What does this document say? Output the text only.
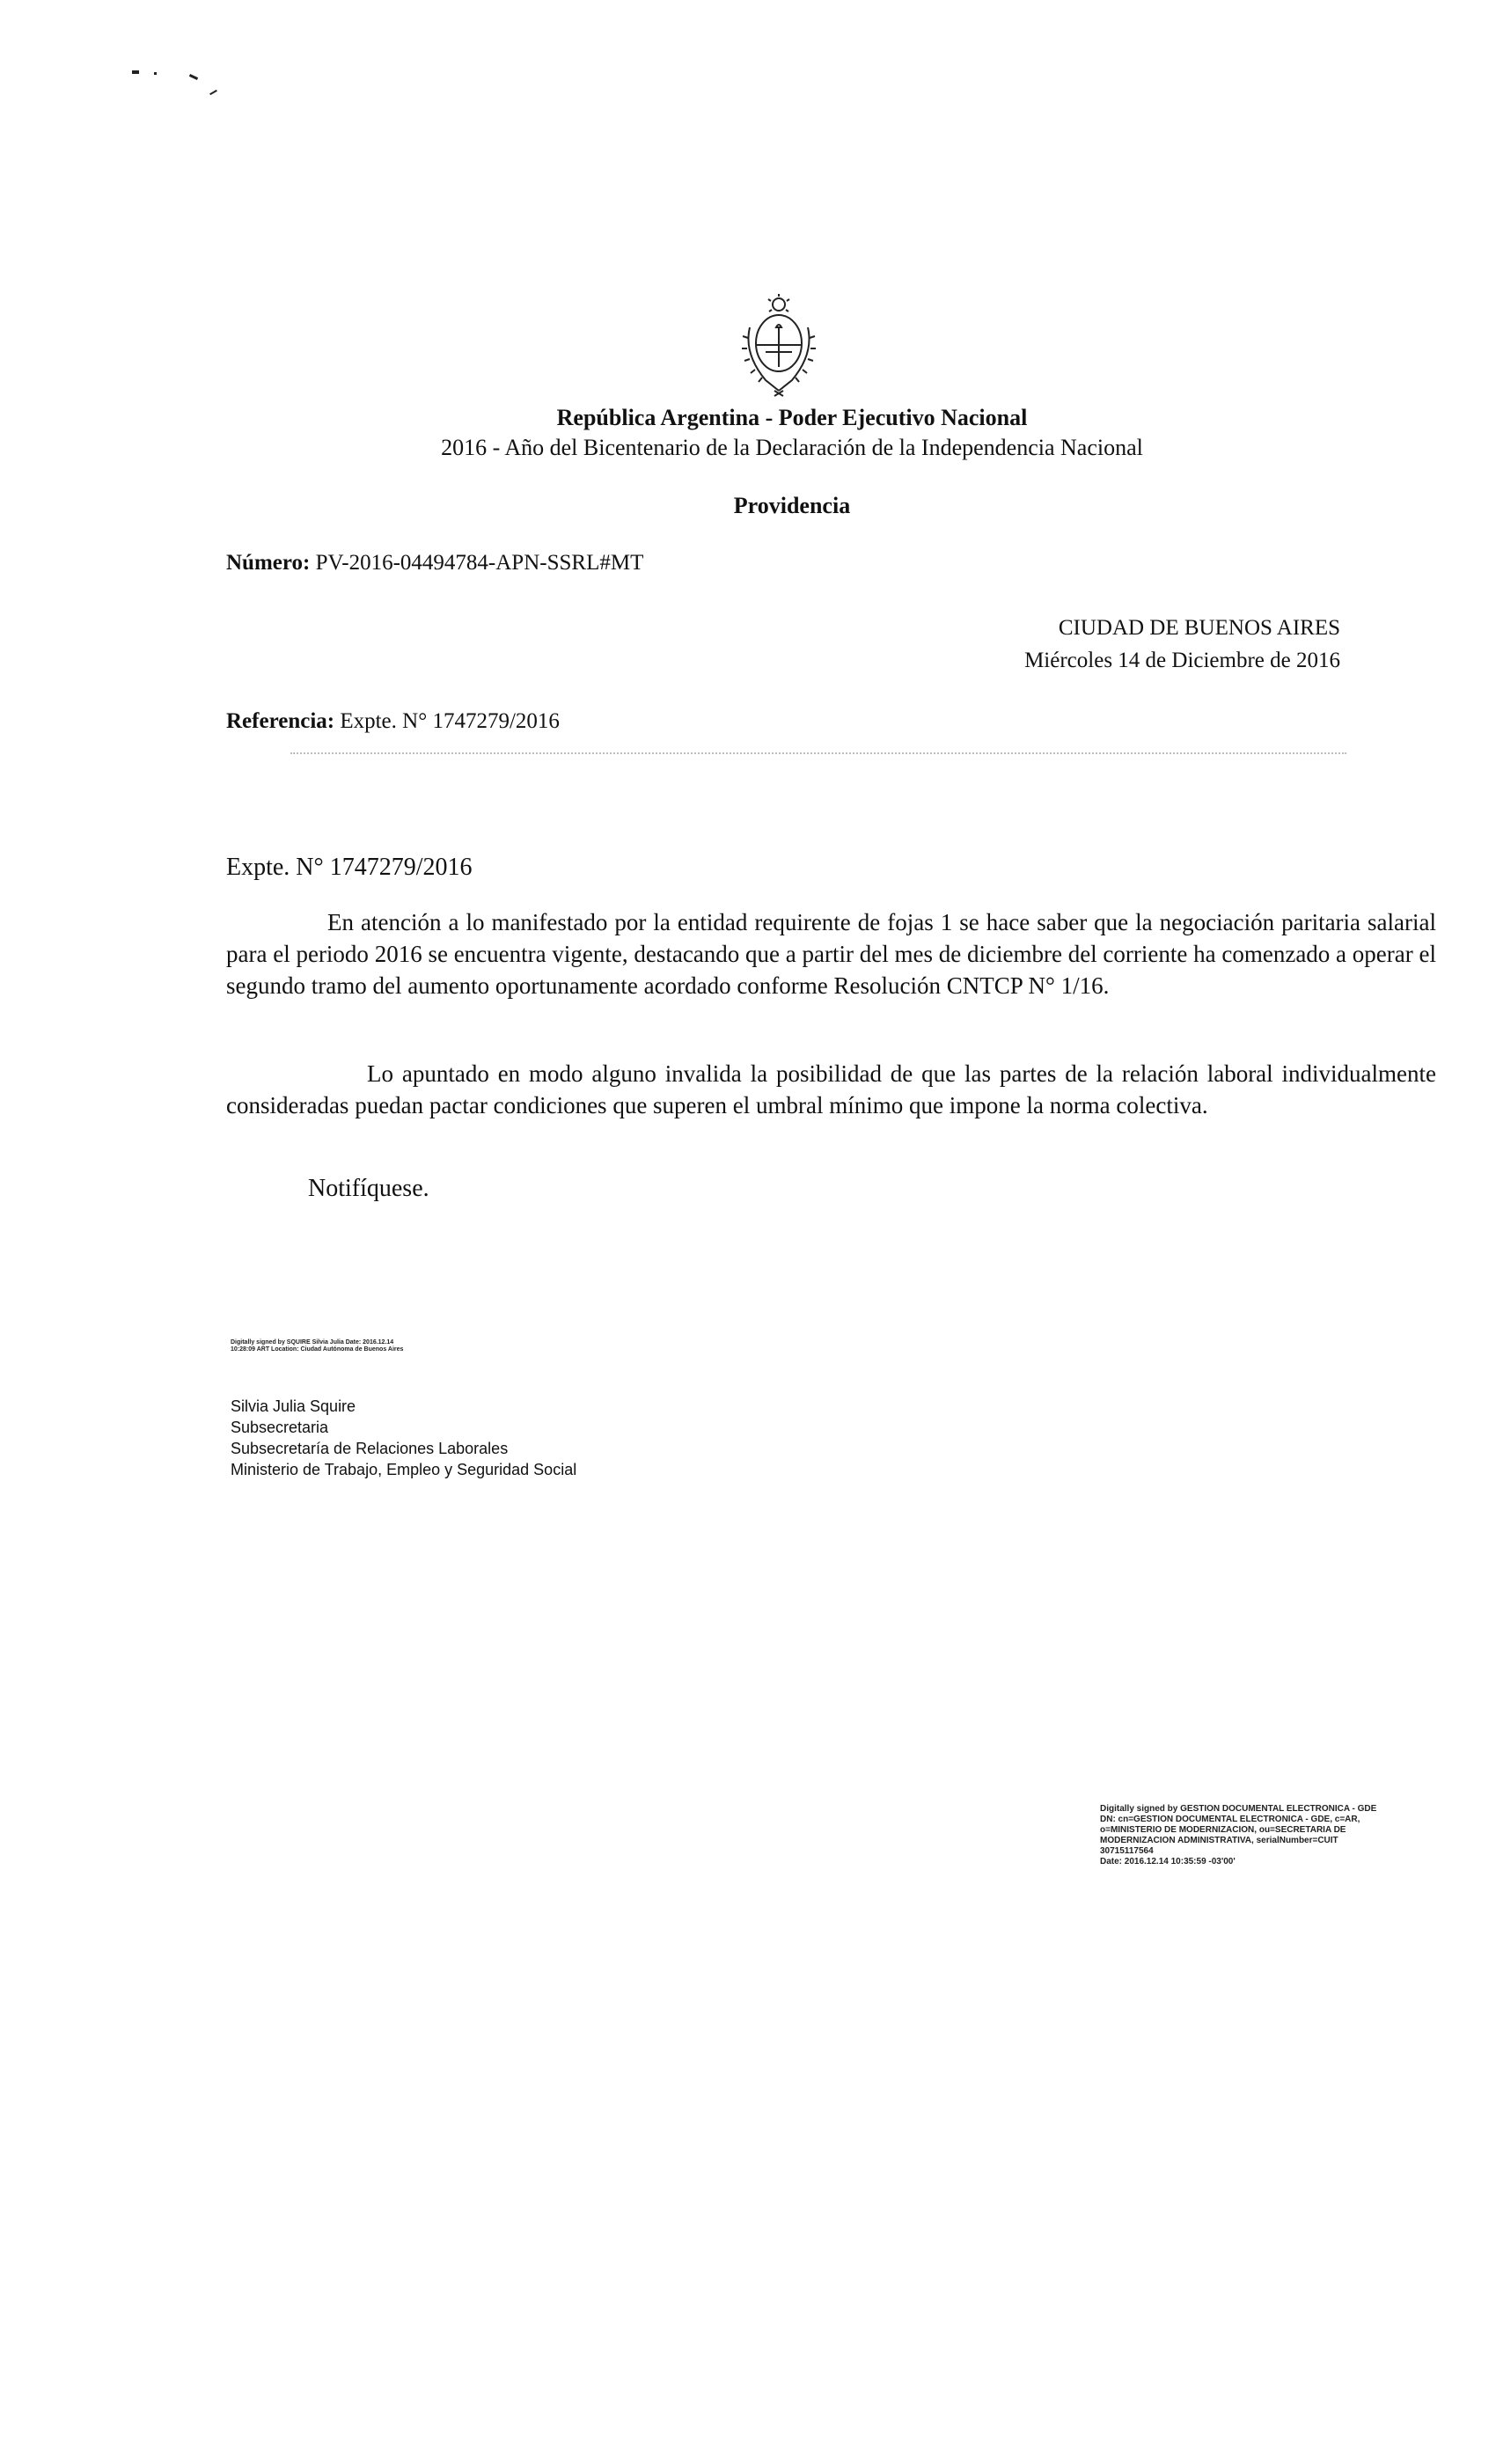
República Argentina - Poder Ejecutivo Nacional
2016 - Año del Bicentenario de la Declaración de la Independencia Nacional
Providencia
Número: PV-2016-04494784-APN-SSRL#MT
CIUDAD DE BUENOS AIRES
Miércoles 14 de Diciembre de 2016
Referencia: Expte. N° 1747279/2016
Expte. N° 1747279/2016
En atención a lo manifestado por la entidad requirente de fojas 1 se hace saber que la negociación paritaria salarial para el periodo 2016 se encuentra vigente, destacando que a partir del mes de diciembre del corriente ha comenzado a operar el segundo tramo del aumento oportunamente acordado conforme Resolución CNTCP N° 1/16.
Lo apuntado en modo alguno invalida la posibilidad de que las partes de la relación laboral individualmente consideradas puedan pactar condiciones que superen el umbral mínimo que impone la norma colectiva.
Notifíquese.
Digitally signed by SQUIRE Silvia Julia Date: 2016.12.14 10:28:09 ART Location: Ciudad Autónoma de Buenos Aires
Silvia Julia Squire
Subsecretaria
Subsecretaría de Relaciones Laborales
Ministerio de Trabajo, Empleo y Seguridad Social
Digitally signed by GESTION DOCUMENTAL ELECTRONICA - GDE
DN: cn=GESTION DOCUMENTAL ELECTRONICA - GDE, c=AR, o=MINISTERIO DE MODERNIZACION, ou=SECRETARIA DE MODERNIZACION ADMINISTRATIVA, serialNumber=CUIT 30715117564
Date: 2016.12.14 10:35:59 -03'00'
